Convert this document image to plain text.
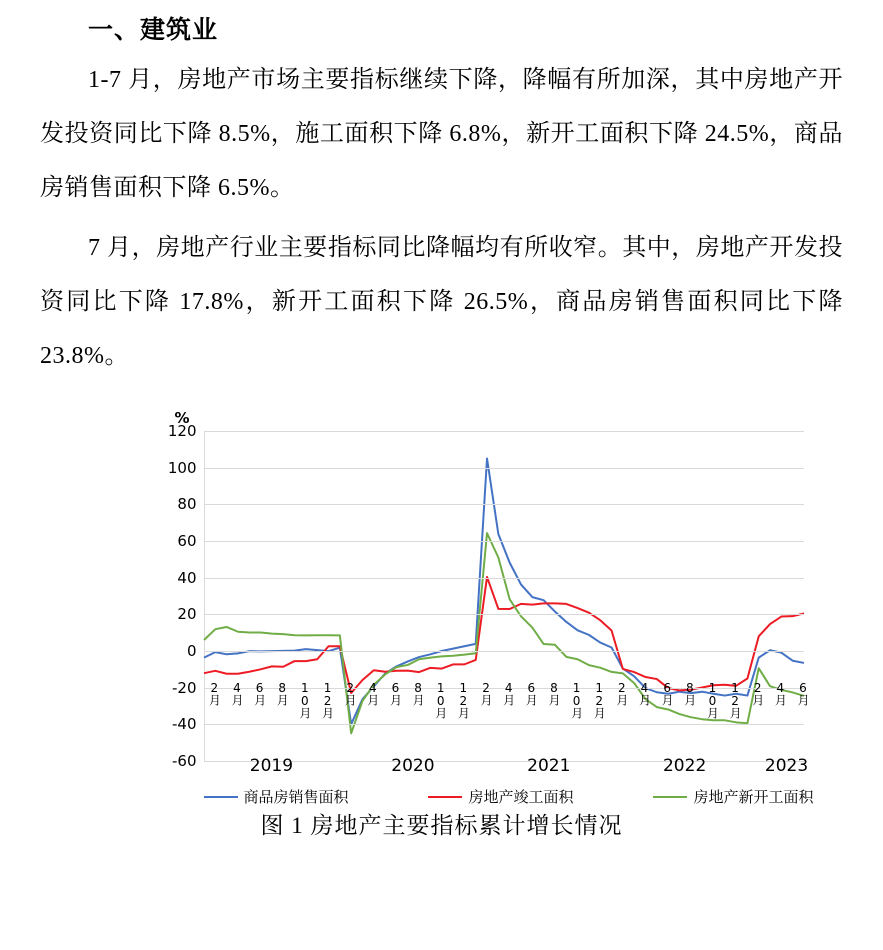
一、建筑业

1-7 月，房地产市场主要指标继续下降，降幅有所加深，其中房地产开发投资同比下降 8.5%，施工面积下降 6.8%，新开工面积下降 24.5%，商品房销售面积下降 6.5%。

7 月，房地产行业主要指标同比降幅均有所收窄。其中，房地产开发投资同比下降 17.8%，新开工面积下降 26.5%，商品房销售面积同比下降 23.8%。

%
120
100
80
60
40
20
0
-20
-40
-60
2月 4月 6月 8月 10月 12月 2月 4月 6月 8月 10月 12月 2月 4月 6月 8月 10月 12月 2月 4月 6月 8月 10月 12月 2月 4月 6月
2019	2020	2021	2022	2023
商品房销售面积	房地产竣工面积	房地产新开工面积
图 1 房地产主要指标累计增长情况
